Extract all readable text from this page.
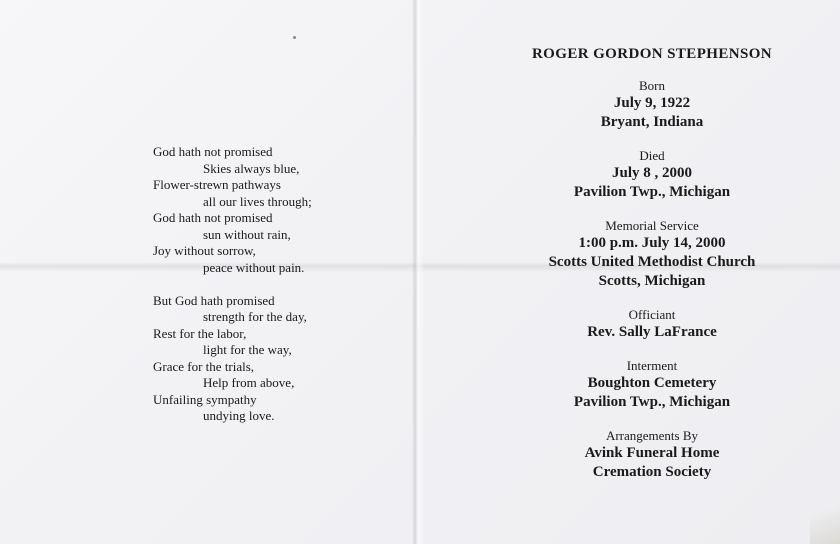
God hath not promised
Skies always blue,
Flower-strewn pathways
all our lives through;
God hath not promised
sun without rain,
Joy without sorrow,
peace without pain.
But God hath promised
strength for the day,
Rest for the labor,
light for the way,
Grace for the trials,
Help from above,
Unfailing sympathy
undying love.
ROGER GORDON STEPHENSON
Born
July 9, 1922
Bryant, Indiana
Died
July 8 , 2000
Pavilion Twp., Michigan
Memorial Service
1:00 p.m. July 14, 2000
Scotts United Methodist Church
Scotts, Michigan
Officiant
Rev. Sally LaFrance
Interment
Boughton Cemetery
Pavilion Twp., Michigan
Arrangements By
Avink Funeral Home
Cremation Society
